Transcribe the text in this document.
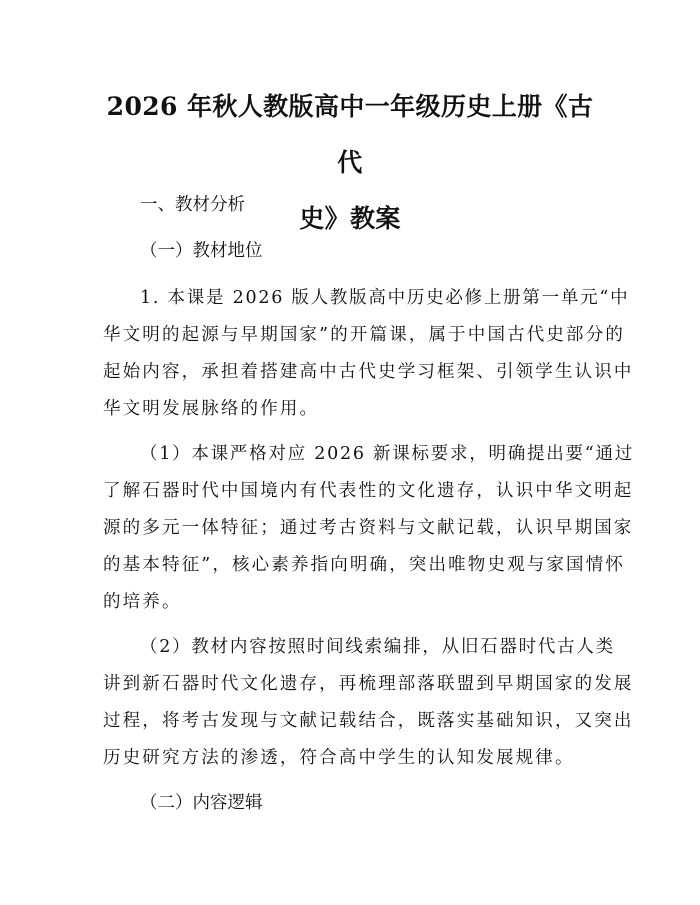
2026 年秋人教版高中一年级历史上册《古代
史》教案

一、教材分析

（一）教材地位

1. 本课是 2026 版人教版高中历史必修上册第一单元“中

华文明的起源与早期国家”的开篇课，属于中国古代史部分的

起始内容，承担着搭建高中古代史学习框架、引领学生认识中

华文明发展脉络的作用。

（1）本课严格对应 2026 新课标要求，明确提出要“通过

了解石器时代中国境内有代表性的文化遗存，认识中华文明起

源的多元一体特征；通过考古资料与文献记载，认识早期国家

的基本特征”，核心素养指向明确，突出唯物史观与家国情怀

的培养。

（2）教材内容按照时间线索编排，从旧石器时代古人类

讲到新石器时代文化遗存，再梳理部落联盟到早期国家的发展

过程，将考古发现与文献记载结合，既落实基础知识，又突出

历史研究方法的渗透，符合高中学生的认知发展规律。

（二）内容逻辑
